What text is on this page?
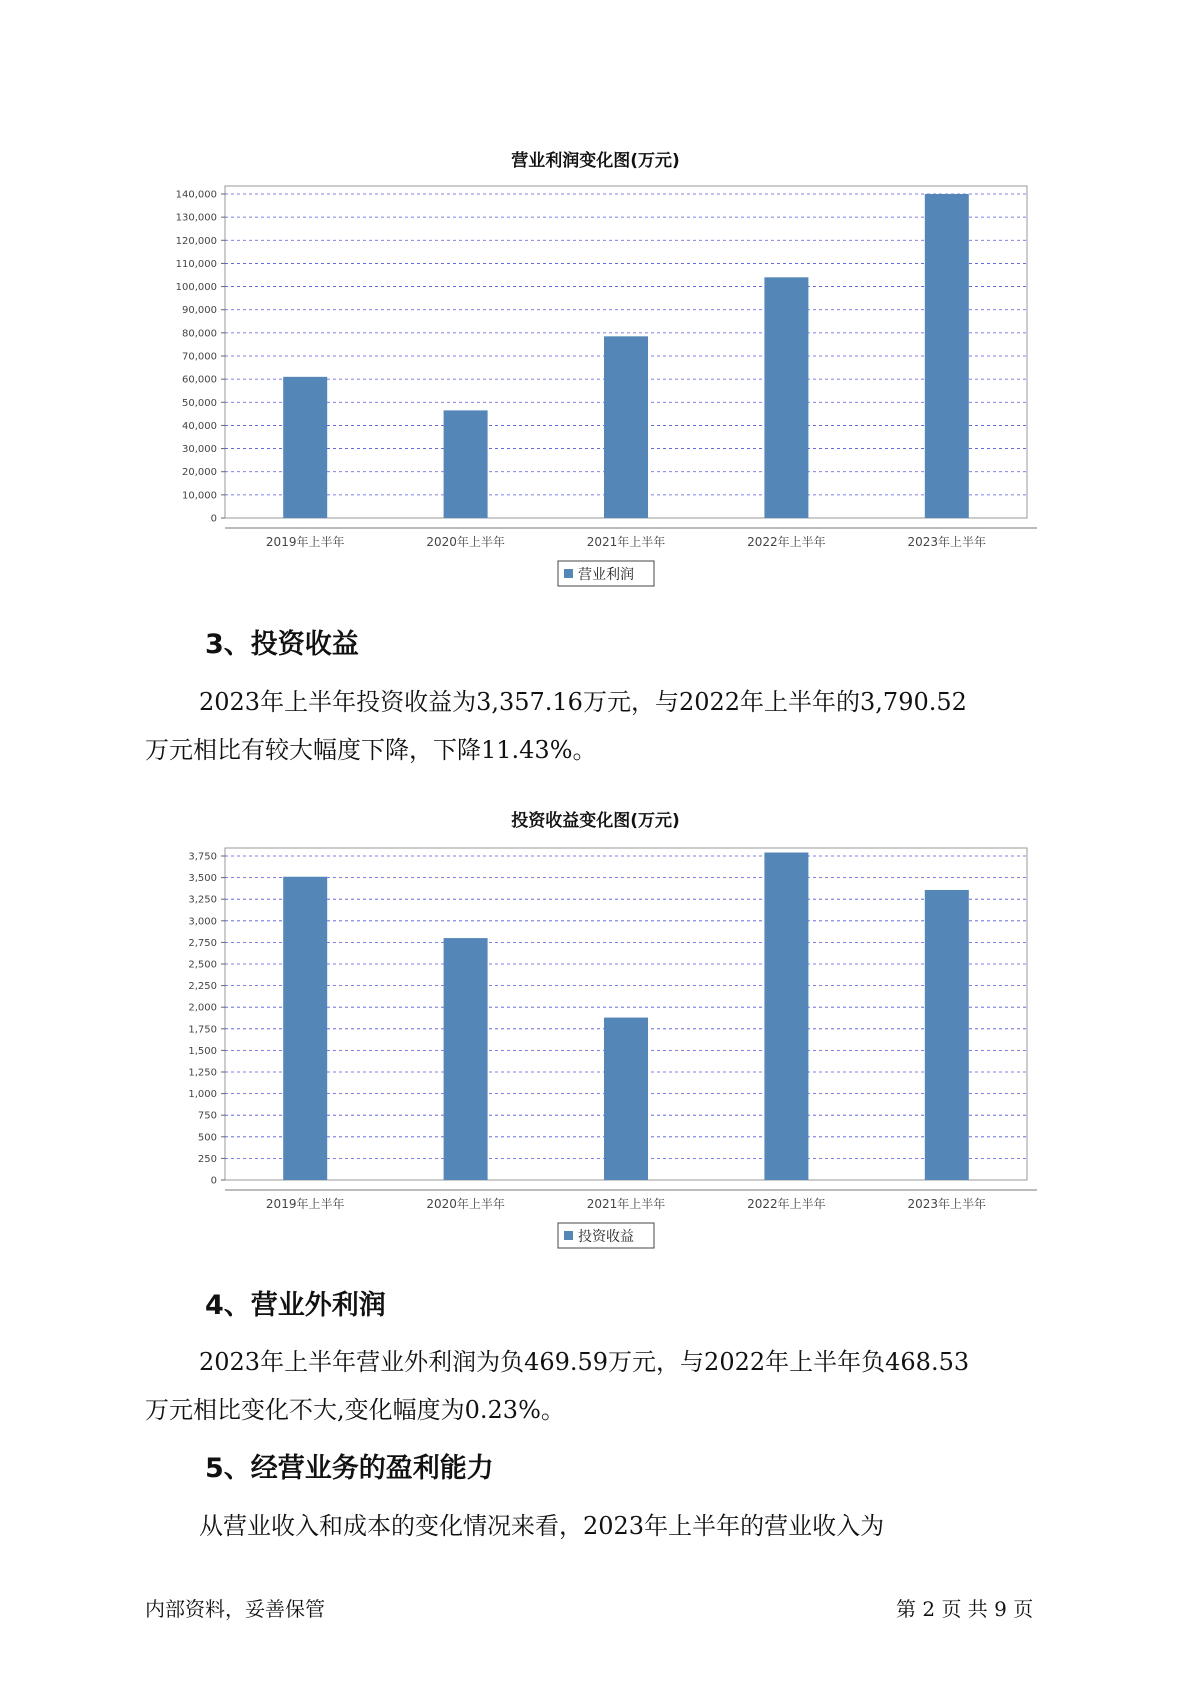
营业利润变化图(万元)
0
10,000
20,000
30,000
40,000
50,000
60,000
70,000
80,000
90,000
100,000
110,000
120,000
130,000
140,000
2019年上半年	2020年上半年	2021年上半年	2022年上半年	2023年上半年
营业利润
3、投资收益

2023年上半年投资收益为3,357.16万元，与2022年上半年的3,790.52
万元相比有较大幅度下降，下降11.43%。

投资收益变化图(万元)
0
250
500
750
1,000
1,250
1,500
1,750
2,000
2,250
2,500
2,750
3,000
3,250
3,500
3,750
2019年上半年	2020年上半年	2021年上半年	2022年上半年	2023年上半年
投资收益
4、营业外利润

2023年上半年营业外利润为负469.59万元，与2022年上半年负468.53
万元相比变化不大,变化幅度为0.23%。

5、经营业务的盈利能力

从营业收入和成本的变化情况来看，2023年上半年的营业收入为

内部资料，妥善保管	第 2 页 共 9 页
